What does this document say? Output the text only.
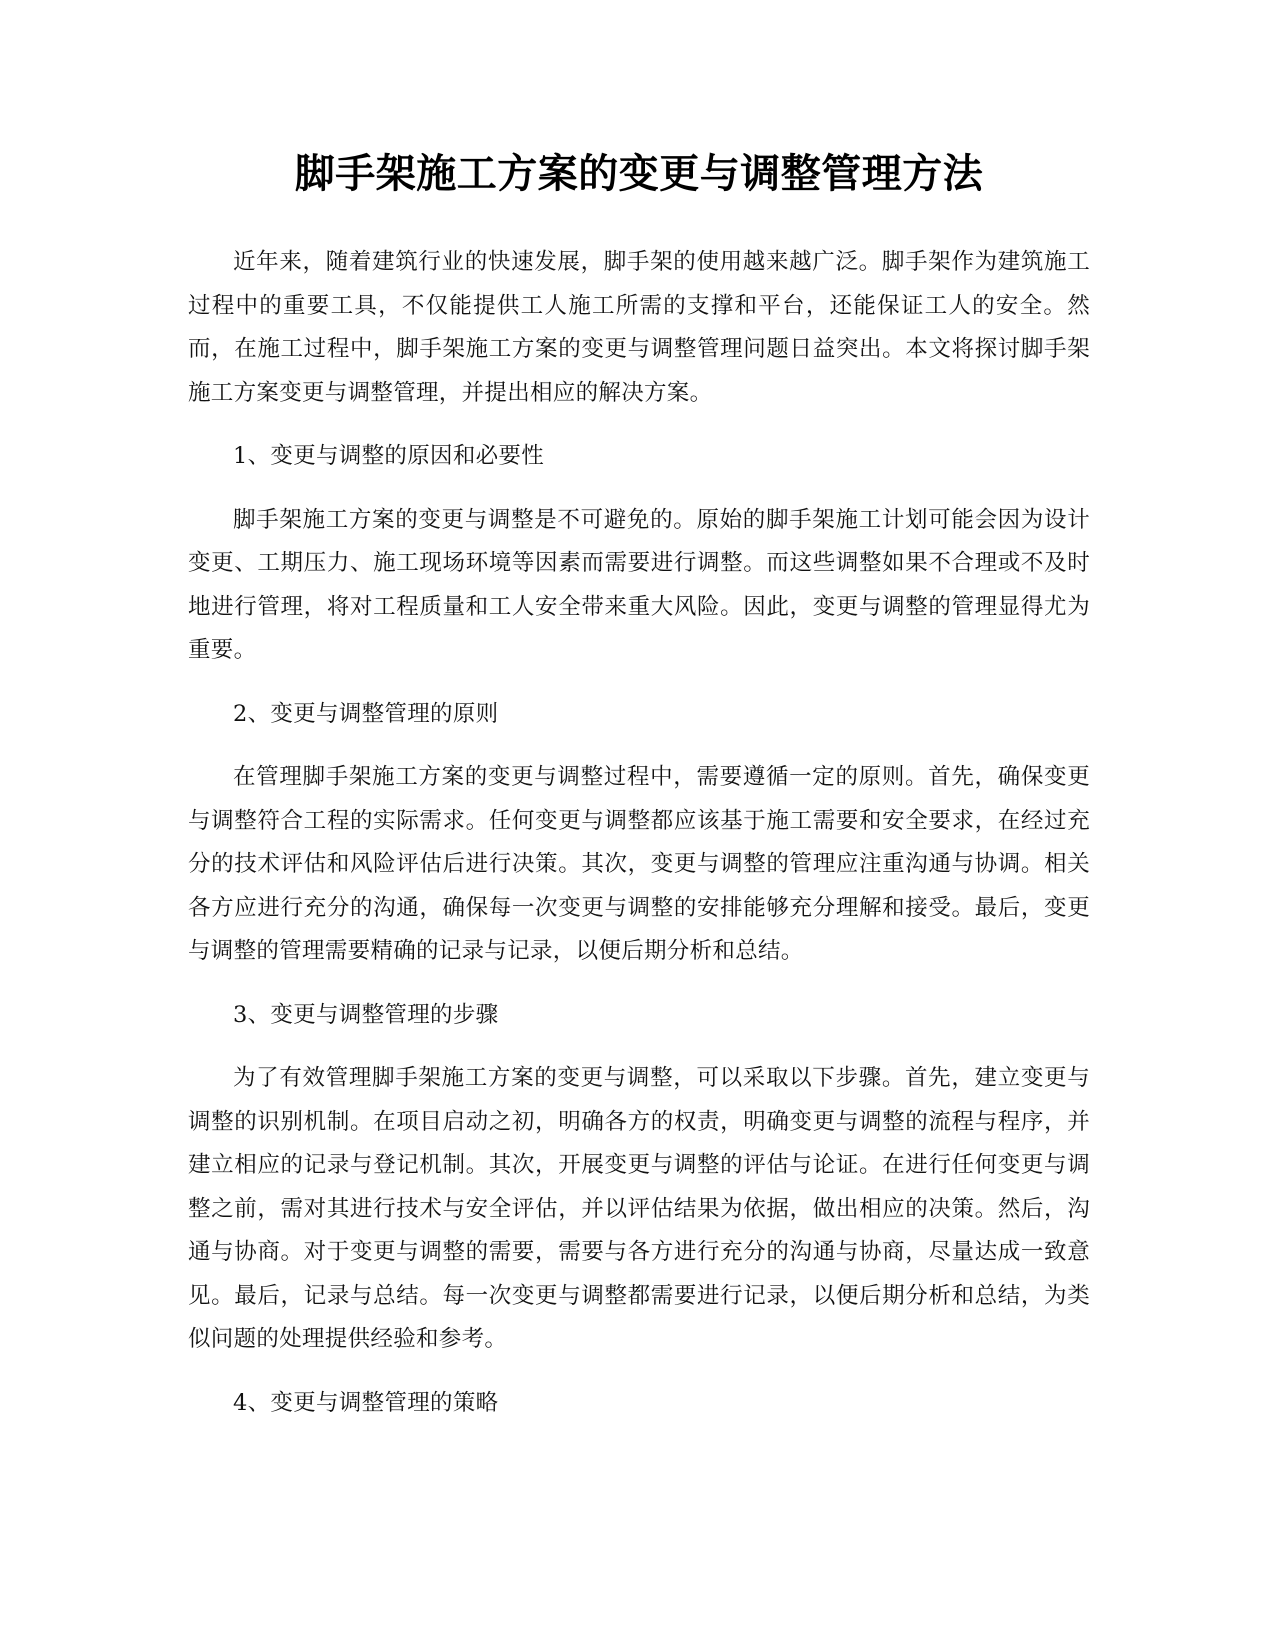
脚手架施工方案的变更与调整管理方法

近年来，随着建筑行业的快速发展，脚手架的使用越来越广泛。脚手架作为建筑施工过程中的重要工具，不仅能提供工人施工所需的支撑和平台，还能保证工人的安全。然而，在施工过程中，脚手架施工方案的变更与调整管理问题日益突出。本文将探讨脚手架施工方案变更与调整管理，并提出相应的解决方案。

1、变更与调整的原因和必要性

脚手架施工方案的变更与调整是不可避免的。原始的脚手架施工计划可能会因为设计变更、工期压力、施工现场环境等因素而需要进行调整。而这些调整如果不合理或不及时地进行管理，将对工程质量和工人安全带来重大风险。因此，变更与调整的管理显得尤为重要。

2、变更与调整管理的原则

在管理脚手架施工方案的变更与调整过程中，需要遵循一定的原则。首先，确保变更与调整符合工程的实际需求。任何变更与调整都应该基于施工需要和安全要求，在经过充分的技术评估和风险评估后进行决策。其次，变更与调整的管理应注重沟通与协调。相关各方应进行充分的沟通，确保每一次变更与调整的安排能够充分理解和接受。最后，变更与调整的管理需要精确的记录与记录，以便后期分析和总结。

3、变更与调整管理的步骤

为了有效管理脚手架施工方案的变更与调整，可以采取以下步骤。首先，建立变更与调整的识别机制。在项目启动之初，明确各方的权责，明确变更与调整的流程与程序，并建立相应的记录与登记机制。其次，开展变更与调整的评估与论证。在进行任何变更与调整之前，需对其进行技术与安全评估，并以评估结果为依据，做出相应的决策。然后，沟通与协商。对于变更与调整的需要，需要与各方进行充分的沟通与协商，尽量达成一致意见。最后，记录与总结。每一次变更与调整都需要进行记录，以便后期分析和总结，为类似问题的处理提供经验和参考。

4、变更与调整管理的策略
